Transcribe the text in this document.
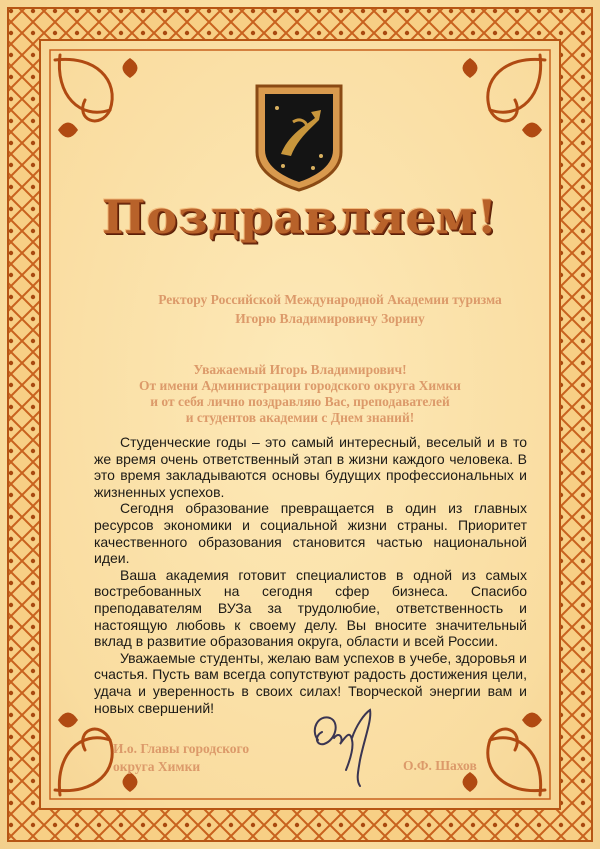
Поздравляем!
Ректору Российской Международной Академии туризма
Игорю Владимировичу Зорину
Уважаемый Игорь Владимирович!
От имени Администрации городского округа Химки
и от себя лично поздравляю Вас, преподавателей
и студентов академии с Днем знаний!

Студенческие годы – это самый интересный, веселый и в то же время очень ответственный этап в жизни каждого человека. В это время закладываются основы будущих профессиональных и жизненных успехов.

Сегодня образование превращается в один из главных ресурсов экономики и социальной жизни страны. Приоритет качественного образования становится частью национальной идеи.

Ваша академия готовит специалистов в одной из самых востребованных на сегодня сфер бизнеса. Спасибо преподавателям ВУЗа за трудолюбие, ответственность и настоящую любовь к своему делу. Вы вносите значительный вклад в развитие образования округа, области и всей России.

Уважаемые студенты, желаю вам успехов в учебе, здоровья и счастья. Пусть вам всегда сопутствуют радость достижения цели, удача и уверенность в своих силах! Творческой энергии вам и новых свершений!

И.о. Главы городского
округа Химки	О.Ф. Шахов
